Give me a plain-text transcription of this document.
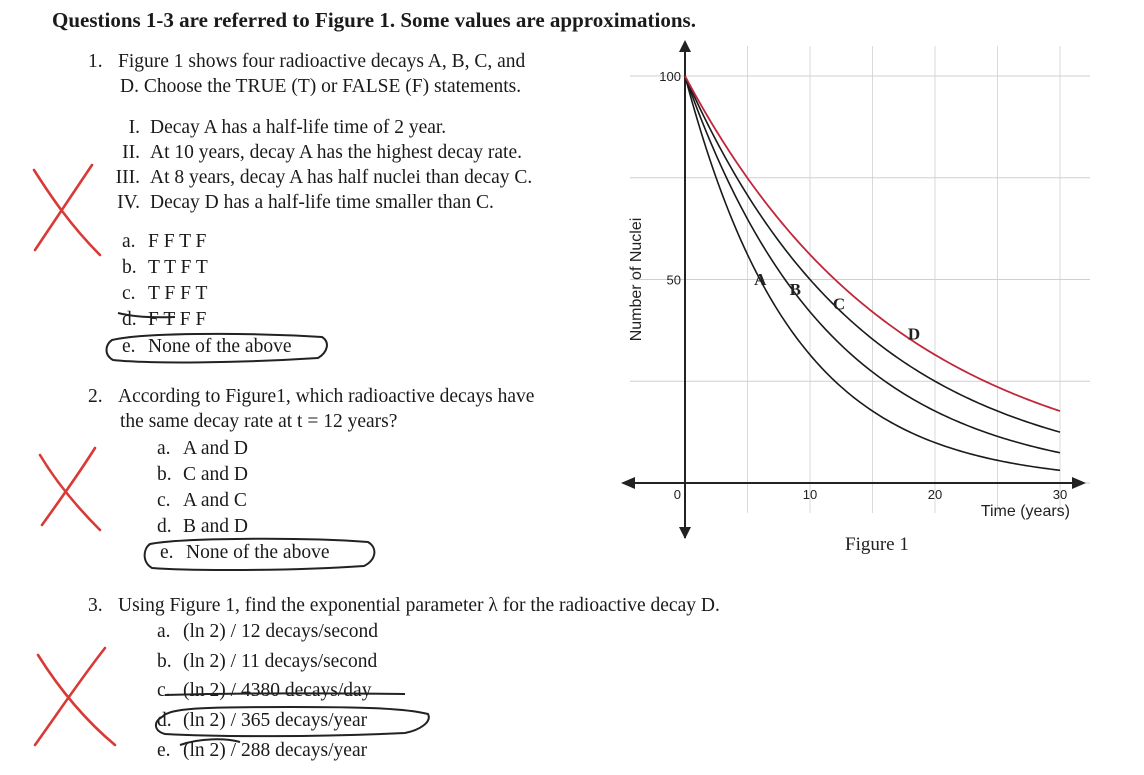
Questions 1-3 are referred to Figure 1. Some values are approximations.
1. Figure 1 shows four radioactive decays A, B, C, and
D. Choose the TRUE (T) or FALSE (F) statements.
I. Decay A has a half-life time of 2 year.
II. At 10 years, decay A has the highest decay rate.
III. At 8 years, decay A has half nuclei than decay C.
IV. Decay D has a half-life time smaller than C.
a. F F T F
b. T T F T
c. T F F T
d. F T F F
e. None of the above
2. According to Figure1, which radioactive decays have
the same decay rate at t = 12 years?
a. A and D
b. C and D
c. A and C
d. B and D
e. None of the above
3. Using Figure 1, find the exponential parameter λ for the radioactive decay D.
a. (ln 2) / 12 decays/second
b. (ln 2) / 11 decays/second
c. (ln 2) / 4380 decays/day
d. (ln 2) / 365 decays/year
e. (ln 2) / 288 decays/year
100
50
0	10	20	30
Number of Nuclei
Time (years)
Figure 1
A
B
C
D
